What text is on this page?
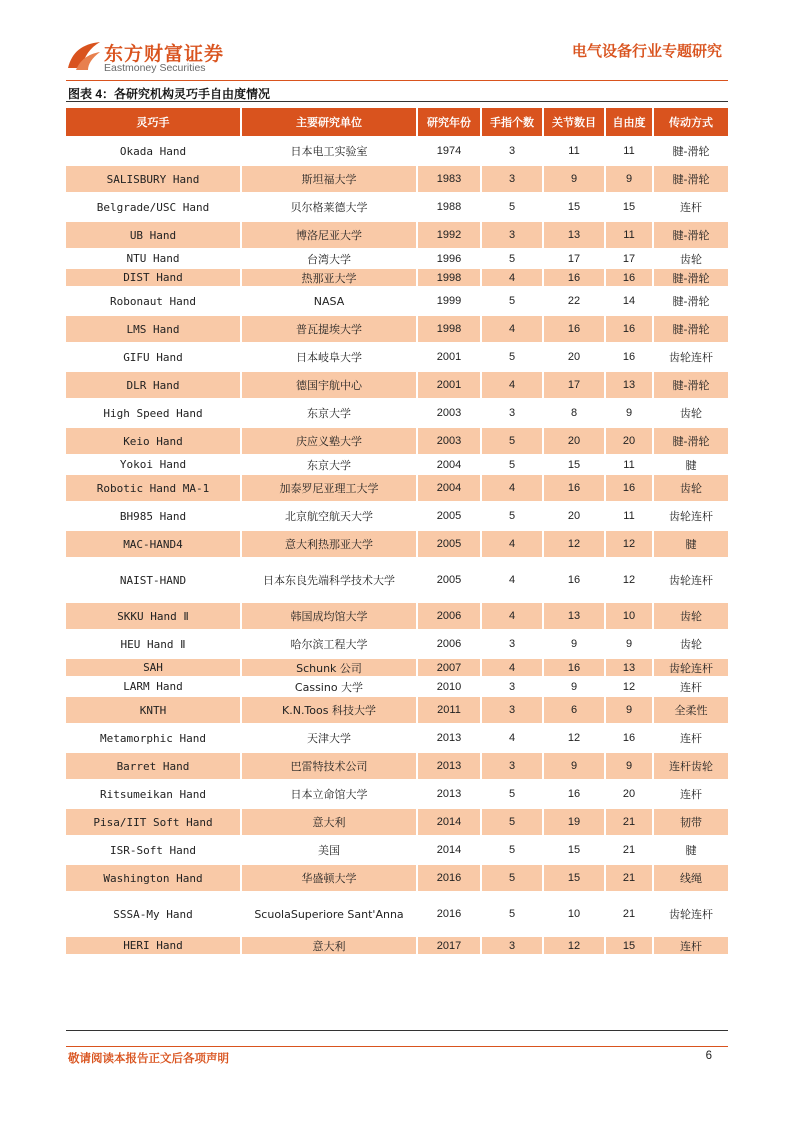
东方财富证券
Eastmoney Securities
电气设备行业专题研究
图表 4：各研究机构灵巧手自由度情况
灵巧手	主要研究单位	研究年份	手指个数	关节数目	自由度	传动方式
Okada Hand	日本电工实验室	1974	3	11	11	腱-滑轮
SALISBURY Hand	斯坦福大学	1983	3	9	9	腱-滑轮
Belgrade/USC Hand	贝尔格莱德大学	1988	5	15	15	连杆
UB Hand	博洛尼亚大学	1992	3	13	11	腱-滑轮
NTU Hand	台湾大学	1996	5	17	17	齿轮
DIST Hand	热那亚大学	1998	4	16	16	腱-滑轮
Robonaut Hand	NASA	1999	5	22	14	腱-滑轮
LMS Hand	普瓦提埃大学	1998	4	16	16	腱-滑轮
GIFU Hand	日本岐阜大学	2001	5	20	16	齿轮连杆
DLR Hand	德国宇航中心	2001	4	17	13	腱-滑轮
High Speed Hand	东京大学	2003	3	8	9	齿轮
Keio Hand	庆应义塾大学	2003	5	20	20	腱-滑轮
Yokoi Hand	东京大学	2004	5	15	11	腱
Robotic Hand MA-1	加泰罗尼亚理工大学	2004	4	16	16	齿轮
BH985 Hand	北京航空航天大学	2005	5	20	11	齿轮连杆
MAC-HAND4	意大利热那亚大学	2005	4	12	12	腱
NAIST-HAND	日本东良先端科学技术大学	2005	4	16	12	齿轮连杆
SKKU Hand Ⅱ	韩国成均馆大学	2006	4	13	10	齿轮
HEU Hand Ⅱ	哈尔滨工程大学	2006	3	9	9	齿轮
SAH	Schunk 公司	2007	4	16	13	齿轮连杆
LARM Hand	Cassino 大学	2010	3	9	12	连杆
KNTH	K.N.Toos 科技大学	2011	3	6	9	全柔性
Metamorphic Hand	天津大学	2013	4	12	16	连杆
Barret Hand	巴雷特技术公司	2013	3	9	9	连杆齿轮
Ritsumeikan Hand	日本立命馆大学	2013	5	16	20	连杆
Pisa/IIT Soft Hand	意大利	2014	5	19	21	韧带
ISR-Soft Hand	美国	2014	5	15	21	腱
Washington Hand	华盛顿大学	2016	5	15	21	线绳
SSSA-My Hand	ScuolaSuperiore Sant'Anna	2016	5	10	21	齿轮连杆
HERI Hand	意大利	2017	3	12	15	连杆
敬请阅读本报告正文后各项声明	6
